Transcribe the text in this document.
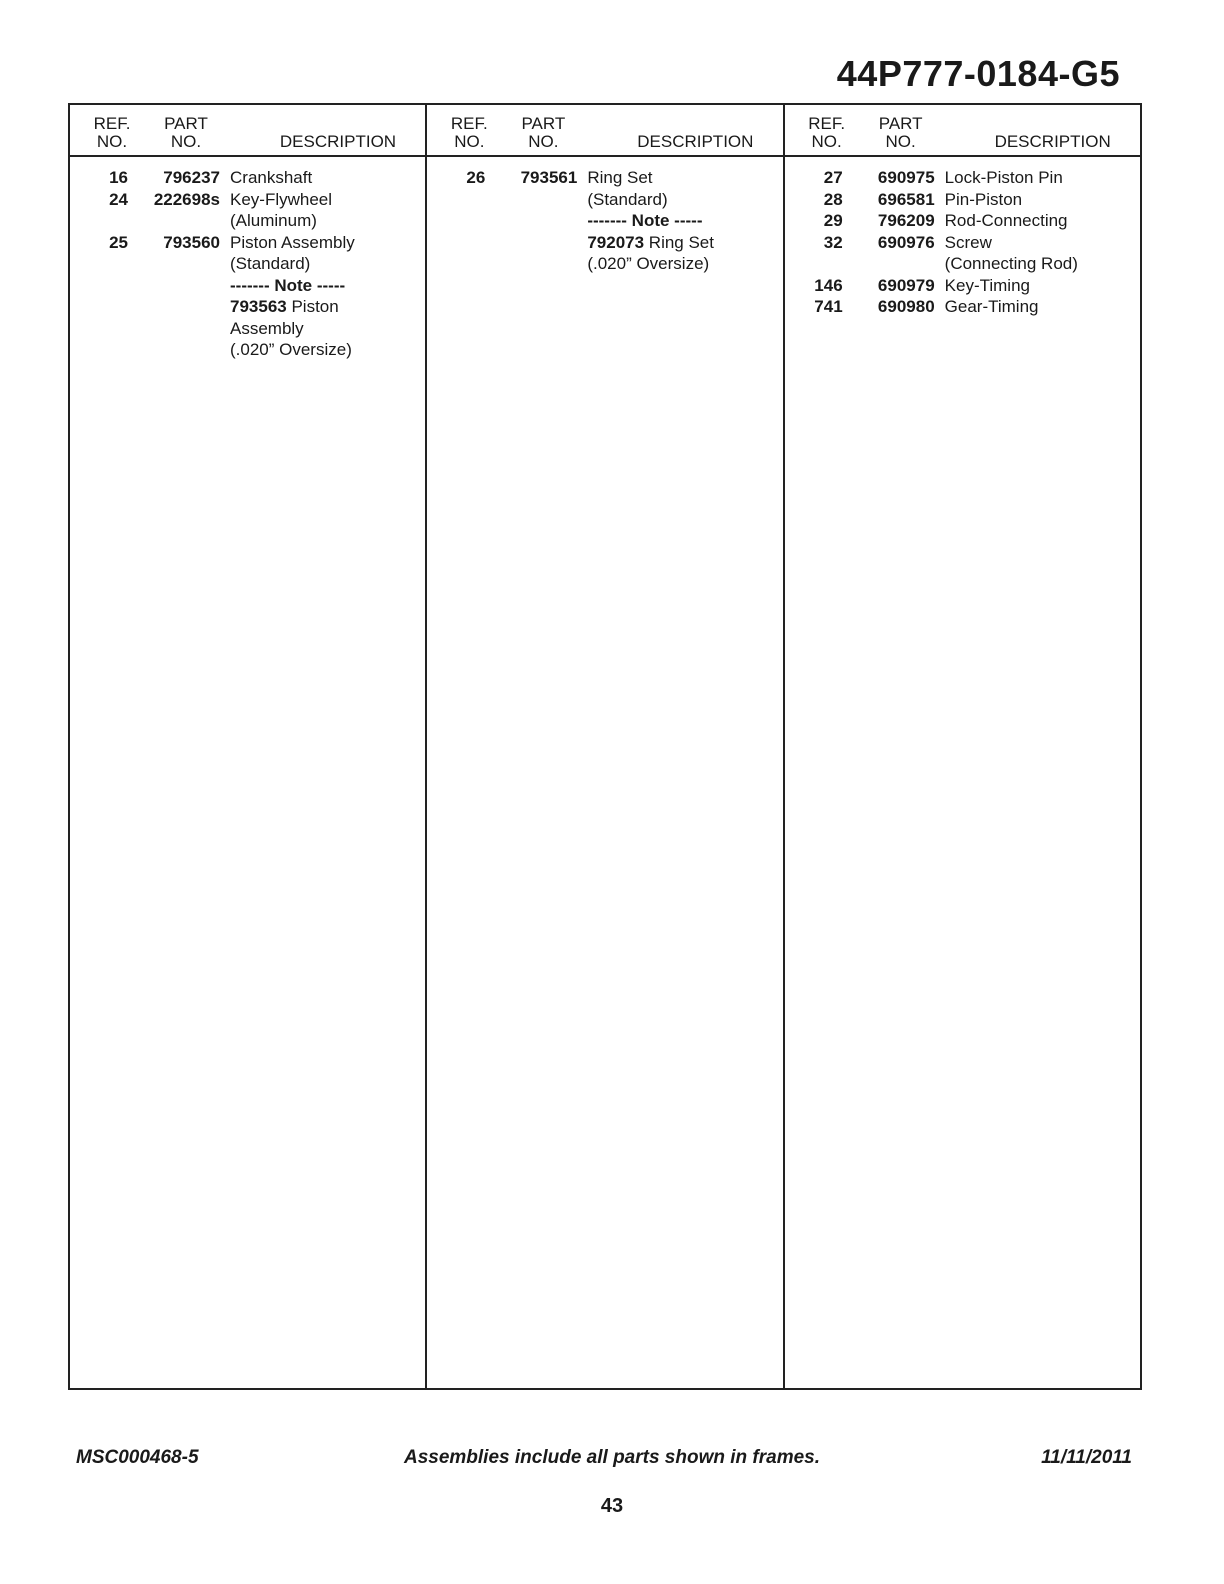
44P777-0184-G5
REF.
NO.
PART
NO.	DESCRIPTION
16	796237 Crankshaft
24	222698s Key-Flywheel
(Aluminum)
25	793560 Piston Assembly
(Standard)
------- Note -----
793563 Piston
Assembly
(.020” Oversize)
REF.
NO.
PART
NO.	DESCRIPTION
26	793561 Ring Set
(Standard)
------- Note -----
792073 Ring Set
(.020” Oversize)
REF.
NO.
PART
NO.	DESCRIPTION
27	690975 Lock-Piston Pin
28	696581 Pin-Piston
29	796209 Rod-Connecting
32	690976 Screw
(Connecting Rod)
146	690979 Key-Timing
741	690980 Gear-Timing
MSC000468-5	Assemblies include all parts shown in frames.	11/11/2011
43
